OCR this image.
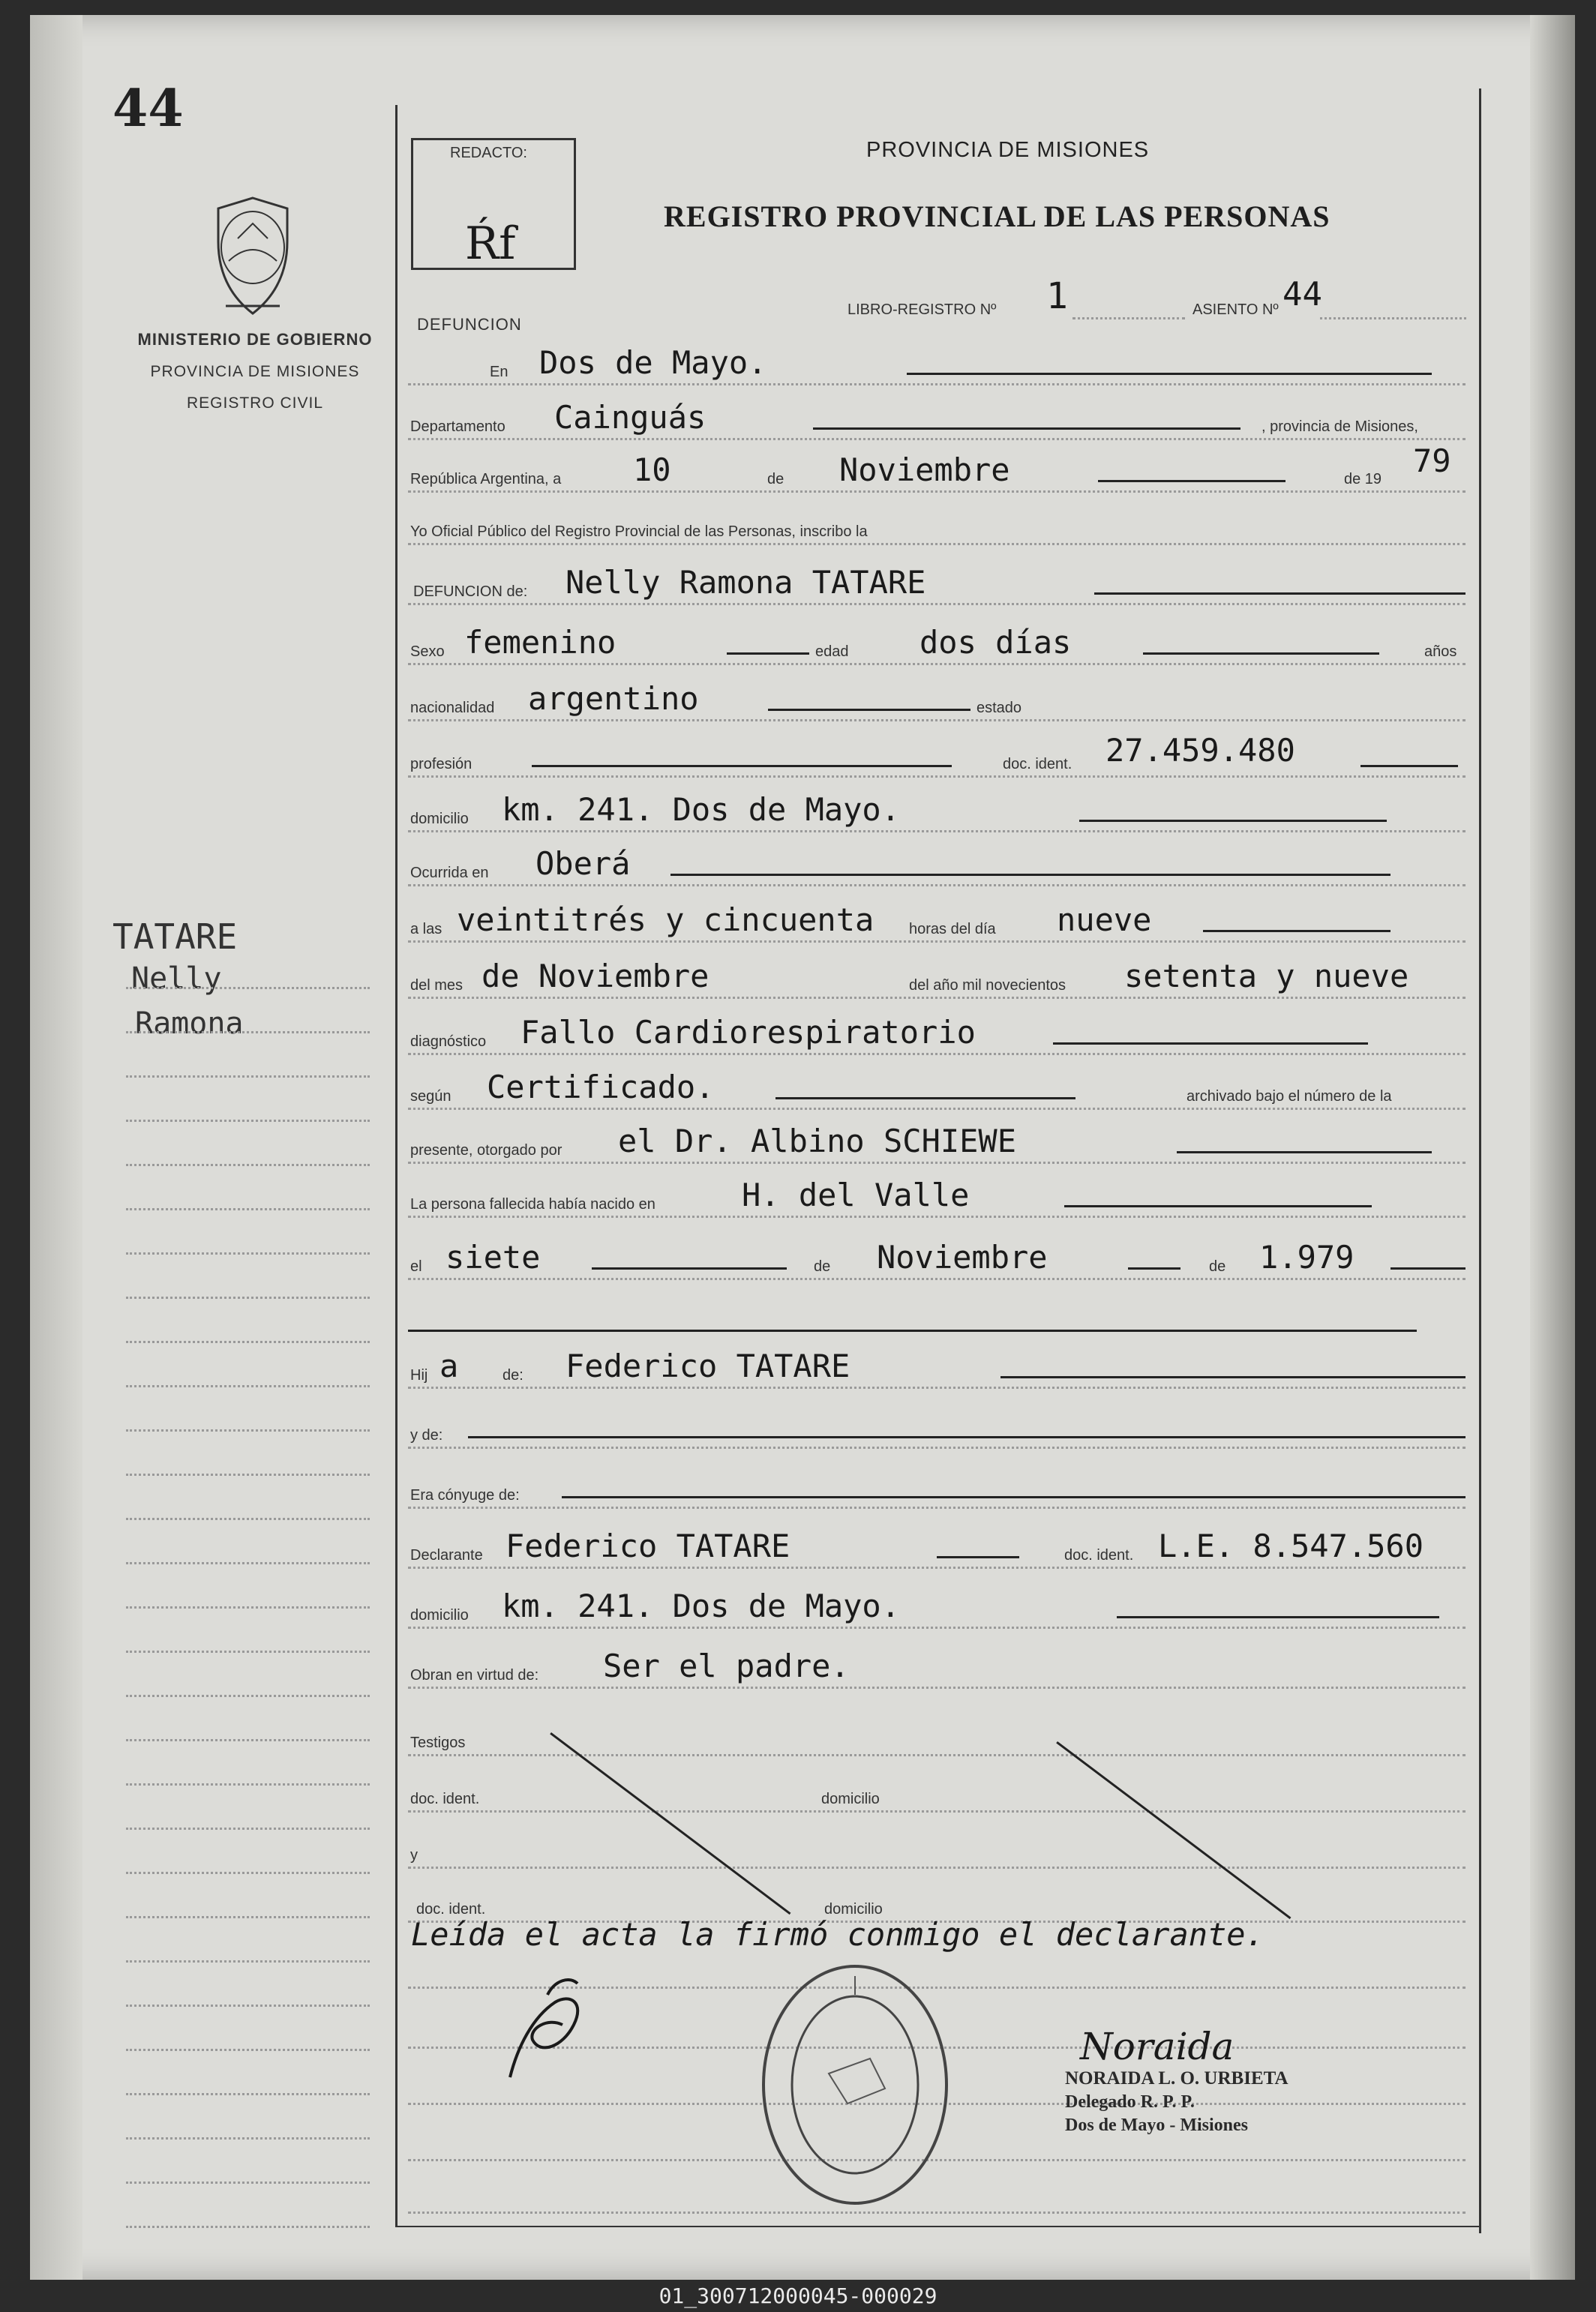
44
MINISTERIO DE GOBIERNO
PROVINCIA DE MISIONES
REGISTRO CIVIL
TATARE
Nelly
Ramona
REDACTO:
Ŕf
DEFUNCION
PROVINCIA DE MISIONES
REGISTRO PROVINCIAL DE LAS PERSONAS
LIBRO-REGISTRO Nº 1	ASIENTO Nº 44
En Dos de Mayo.
Departamento Cainguás	, provincia de Misiones,
República Argentina, a 10	de Noviembre	de 19 79
Yo Oficial Público del Registro Provincial de las Personas, inscribo la
DEFUNCION de: Nelly Ramona TATARE
Sexo femenino	edad dos días	años
nacionalidad argentino	estado
profesión	doc. ident. 27.459.480
domicilio km. 241. Dos de Mayo.
Ocurrida en Oberá
a las veintitrés y cincuenta horas del día nueve
del mes de Noviembre	del año mil novecientos setenta y nueve
diagnóstico Fallo Cardiorespiratorio
según Certificado.	archivado bajo el número de la
presente, otorgado por el Dr. Albino SCHIEWE
La persona fallecida había nacido en	H. del Valle
el siete	de Noviembre	de 1.979
Hij a	de: Federico TATARE
y de:
Era cónyuge de:
Declarante Federico TATARE	doc. ident. L.E. 8.547.560
domicilio km. 241. Dos de Mayo.
Obran en virtud de: Ser el padre.
Testigos
doc. ident.	domicilio
y
doc. ident.	domicilio
Leída el acta la firmó conmigo el declarante.
Noraida
NORAIDA L. O. URBIETA
Delegado R. P. P.
Dos de Mayo - Misiones
01_300712000045-000029
